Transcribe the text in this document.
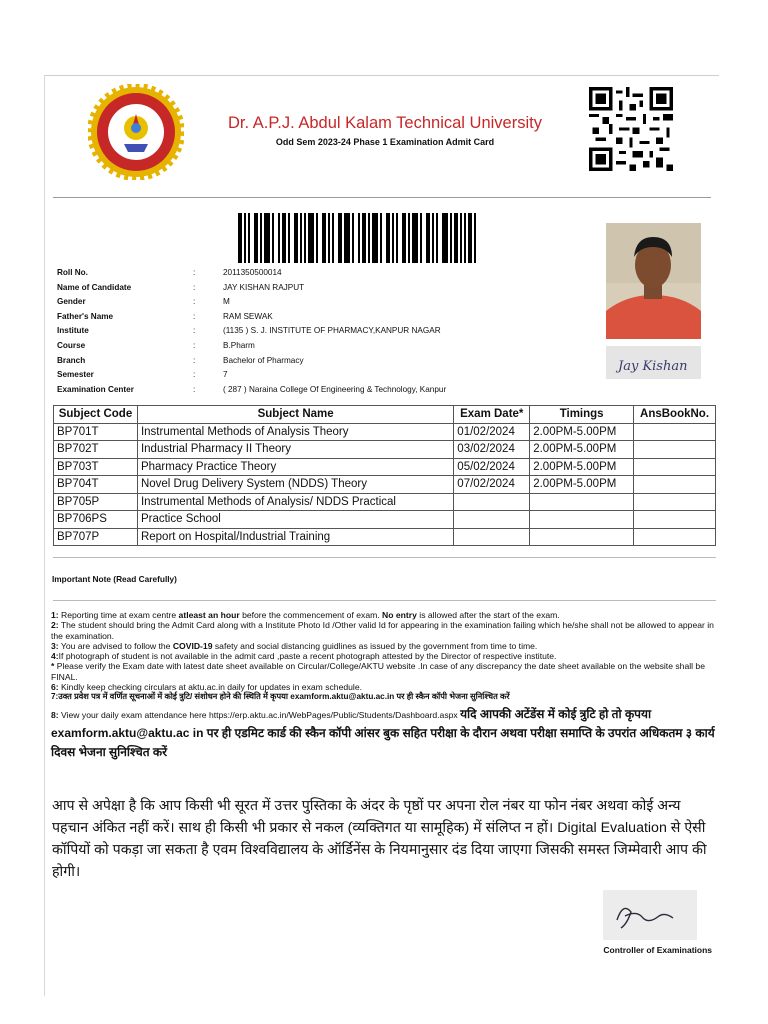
Dr. A.P.J. Abdul Kalam Technical University
Odd Sem 2023-24 Phase 1 Examination Admit Card
Jay Kishan
Roll No.	:	2011350500014
Name of Candidate	:	JAY KISHAN RAJPUT
Gender	:	M
Father's Name	:	RAM SEWAK
Institute	:	(1135 ) S. J. INSTITUTE OF PHARMACY,KANPUR NAGAR
Course	:	B.Pharm
Branch	:	Bachelor of Pharmacy
Semester	:	7
Examination Center	:	( 287 ) Naraina College Of Engineering & Technology, Kanpur
Subject Code	Subject Name	Exam Date*	Timings	AnsBookNo.
BP701T	Instrumental Methods of Analysis Theory	01/02/2024	2.00PM-5.00PM	
BP702T	Industrial Pharmacy II Theory	03/02/2024	2.00PM-5.00PM	
BP703T	Pharmacy Practice Theory	05/02/2024	2.00PM-5.00PM	
BP704T	Novel Drug Delivery System (NDDS) Theory	07/02/2024	2.00PM-5.00PM	
BP705P	Instrumental Methods of Analysis/ NDDS Practical			
BP706PS	Practice School			
BP707P	Report on Hospital/Industrial Training			
Important Note (Read Carefully)

1: Reporting time at exam centre atleast an hour before the commencement of exam. No entry is allowed after the start of the exam.

2: The student should bring the Admit Card along with a Institute Photo Id /Other valid Id for appearing in the examination failing which he/she shall not be allowed to appear in the examination.

3: You are advised to follow the COVID-19 safety and social distancing guidlines as issued by the government from time to time.

4:If photograph of student is not available in the admit card ,paste a recent photograph attested by the Director of respective institute.

* Please verify the Exam date with latest date sheet available on Circular/College/AKTU website .In case of any discrepancy the date sheet available on the website shall be FINAL.

6: Kindly keep checking circulars at aktu.ac.in daily for updates in exam schedule.

7:उक्त प्रवेश पत्र में वर्णित सूचनाओं में कोई त्रुटि/ संशोधन होने की स्थिति में कृपया examform.aktu@aktu.ac.in पर ही स्कैन कॉपी भेजना सुनिश्चित करें

8: View your daily exam attendance here https://erp.aktu.ac.in/WebPages/Public/Students/Dashboard.aspx यदि आपकी अटेंडेंस में कोई त्रुटि हो तो कृपया examform.aktu@aktu.ac in पर ही एडमिट कार्ड की स्कैन कॉपी आंसर बुक सहित परीक्षा के दौरान अथवा परीक्षा समाप्ति के उपरांत अधिकतम ३ कार्य दिवस भेजना सुनिश्चित करें

आप से अपेक्षा है कि आप किसी भी सूरत में उत्तर पुस्तिका के अंदर के पृष्ठों पर अपना रोल नंबर या फोन नंबर अथवा कोई अन्य पहचान अंकित नहीं करें। साथ ही किसी भी प्रकार से नकल (व्यक्तिगत या सामूहिक) में संलिप्त न हों। Digital Evaluation से ऐसी कॉपियों को पकड़ा जा सकता है एवम विश्वविद्यालय के ऑर्डिनेंस के नियमानुसार दंड दिया जाएगा जिसकी समस्त जिम्मेवारी आप की होगी।
Controller of Examinations
